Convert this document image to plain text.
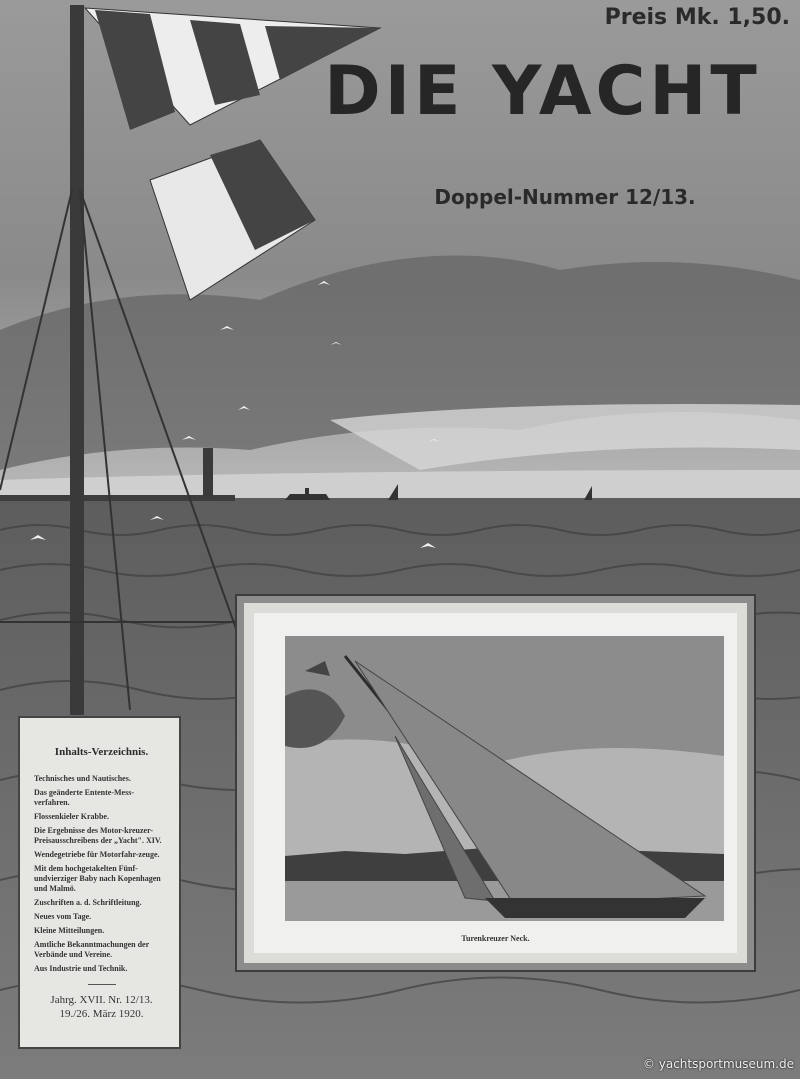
Preis Mk. 1,50.
DIE YACHT
Doppel-Nummer 12/13.
Inhalts-Verzeichnis.
Technisches und Nautisches.
Das geänderte Entente-Mess-verfahren.
Flossenkieler Krabbe.
Die Ergebnisse des Motor-kreuzer-Preisausschreibens der „Yacht". XIV.
Wendegetriebe für Motorfahr-zeuge.
Mit dem hochgetakelten Fünf-undvierziger Baby nach Kopenhagen und Malmö.
Zuschriften a. d. Schriftleitung.
Neues vom Tage.
Kleine Mitteilungen.
Amtliche Bekanntmachungen der Verbände und Vereine.
Aus Industrie und Technik.
Jahrg. XVII. Nr. 12/13.
19./26. März 1920.
Turenkreuzer Neck.
© yachtsportmuseum.de
